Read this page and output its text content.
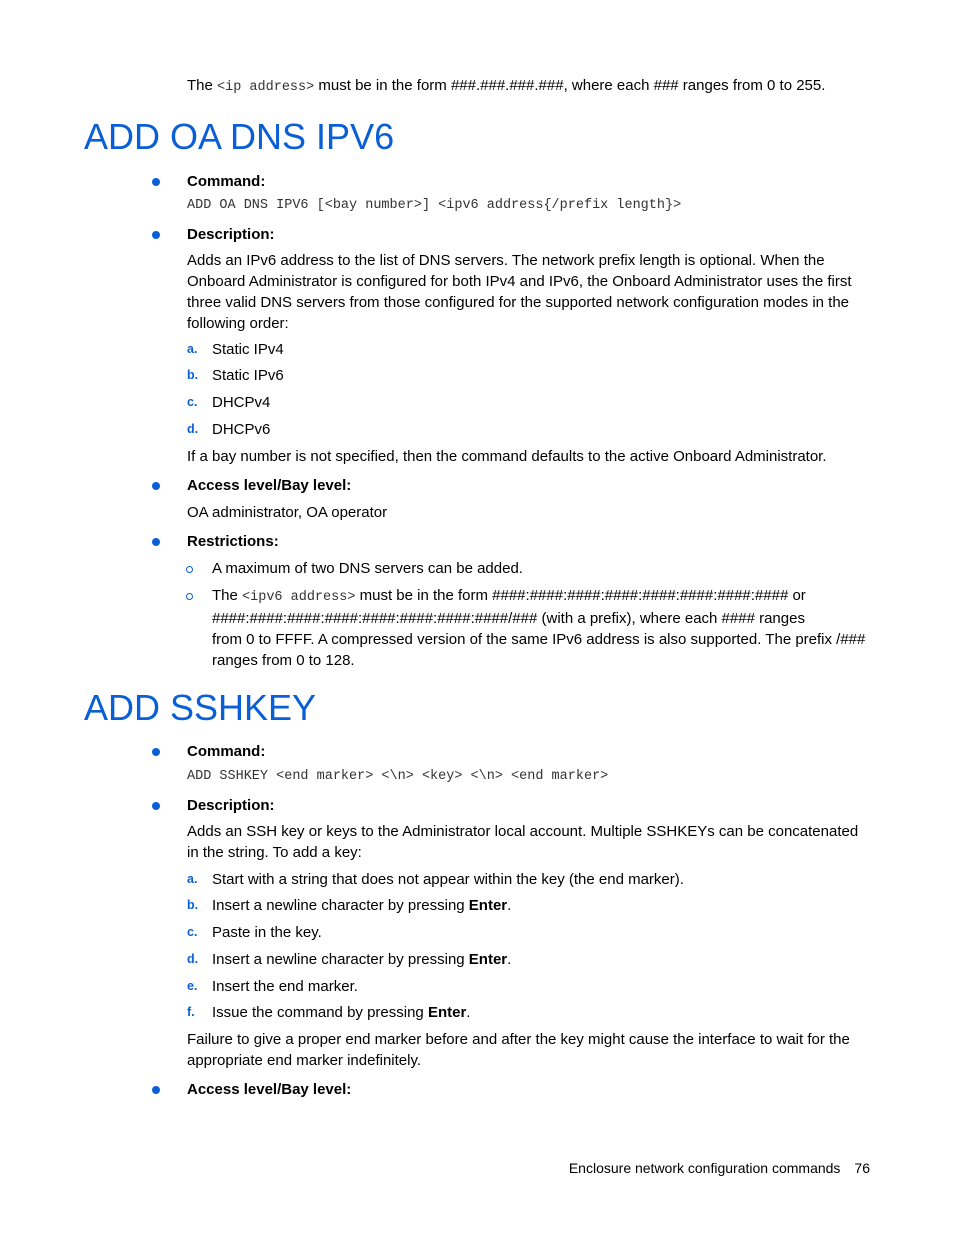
The <ip address> must be in the form ###.###.###.###, where each ### ranges from 0 to 255.
ADD OA DNS IPV6
Command:
ADD OA DNS IPV6 [<bay number>] <ipv6 address{/prefix length}>
Description:
Adds an IPv6 address to the list of DNS servers. The network prefix length is optional. When the Onboard Administrator is configured for both IPv4 and IPv6, the Onboard Administrator uses the first three valid DNS servers from those configured for the supported network configuration modes in the following order:
a. Static IPv4
b. Static IPv6
c. DHCPv4
d. DHCPv6
If a bay number is not specified, then the command defaults to the active Onboard Administrator.
Access level/Bay level:
OA administrator, OA operator
Restrictions:
A maximum of two DNS servers can be added.
The <ipv6 address> must be in the form ####:####:####:####:####:####:####:#### or
####:####:####:####:####:####:####:####/### (with a prefix), where each #### ranges
from 0 to FFFF. A compressed version of the same IPv6 address is also supported. The prefix /###
ranges from 0 to 128.
ADD SSHKEY
Command:
ADD SSHKEY <end marker> <\n> <key> <\n> <end marker>
Description:
Adds an SSH key or keys to the Administrator local account. Multiple SSHKEYs can be concatenated in the string. To add a key:
a. Start with a string that does not appear within the key (the end marker).
b. Insert a newline character by pressing Enter.
c. Paste in the key.
d. Insert a newline character by pressing Enter.
e. Insert the end marker.
f. Issue the command by pressing Enter.
Failure to give a proper end marker before and after the key might cause the interface to wait for the appropriate end marker indefinitely.
Access level/Bay level:
Enclosure network configuration commands 76
